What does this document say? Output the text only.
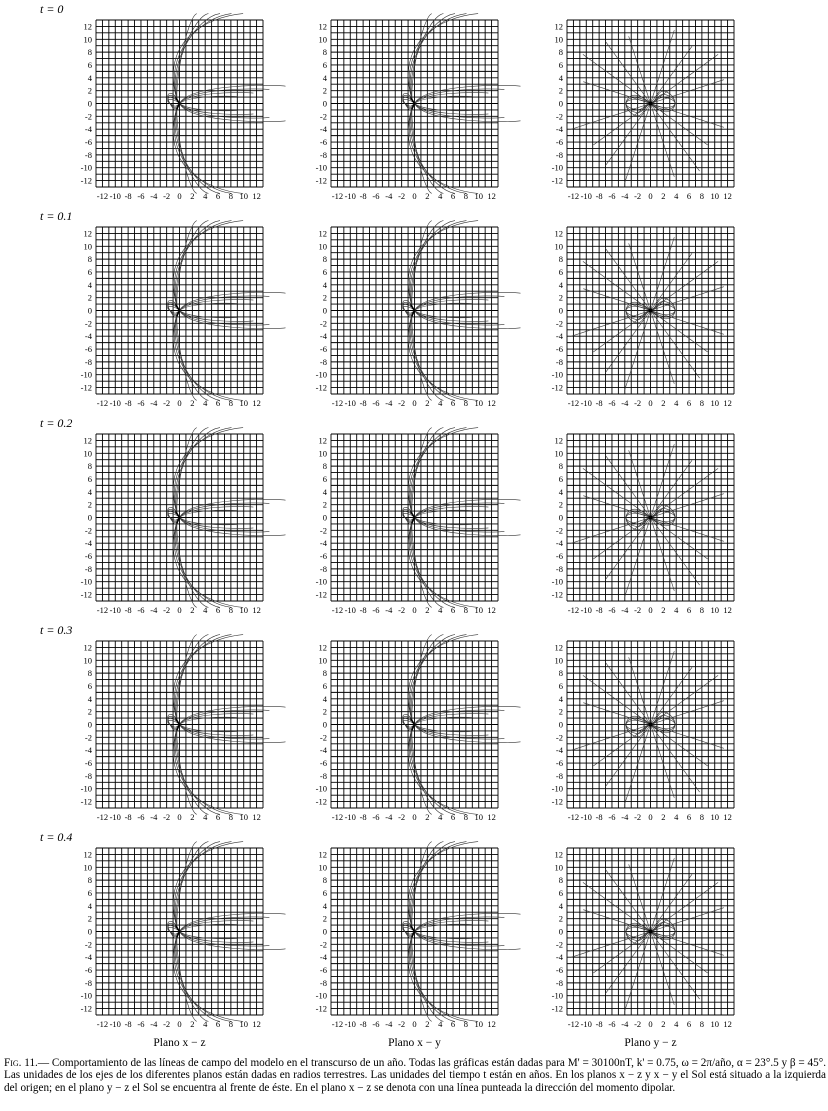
t = 0
-12
-10
-8
-6
-4
-2
0
2
4
6
8
10
12
-12 -10 -8 -6 -4 -2 0 2 4 6 8 10 12
-12
-10
-8
-6
-4
-2
0
2
4
6
8
10
12
-12 -10 -8 -6 -4 -2 0 2 4 6 8 10 12
-12
-10
-8
-6
-4
-2
0
2
4
6
8
10
12
-12 -10 -8 -6 -4 -2 0 2 4 6 8 10 12
t = 0.1
-12
-10
-8
-6
-4
-2
0
2
4
6
8
10
12
-12 -10 -8 -6 -4 -2 0 2 4 6 8 10 12
-12
-10
-8
-6
-4
-2
0
2
4
6
8
10
12
-12 -10 -8 -6 -4 -2 0 2 4 6 8 10 12
-12
-10
-8
-6
-4
-2
0
2
4
6
8
10
12
-12 -10 -8 -6 -4 -2 0 2 4 6 8 10 12
t = 0.2
-12
-10
-8
-6
-4
-2
0
2
4
6
8
10
12
-12 -10 -8 -6 -4 -2 0 2 4 6 8 10 12
-12
-10
-8
-6
-4
-2
0
2
4
6
8
10
12
-12 -10 -8 -6 -4 -2 0 2 4 6 8 10 12
-12
-10
-8
-6
-4
-2
0
2
4
6
8
10
12
-12 -10 -8 -6 -4 -2 0 2 4 6 8 10 12
t = 0.3
-12
-10
-8
-6
-4
-2
0
2
4
6
8
10
12
-12 -10 -8 -6 -4 -2 0 2 4 6 8 10 12
-12
-10
-8
-6
-4
-2
0
2
4
6
8
10
12
-12 -10 -8 -6 -4 -2 0 2 4 6 8 10 12
-12
-10
-8
-6
-4
-2
0
2
4
6
8
10
12
-12 -10 -8 -6 -4 -2 0 2 4 6 8 10 12
t = 0.4
-12
-10
-8
-6
-4
-2
0
2
4
6
8
10
12
-12 -10 -8 -6 -4 -2 0 2 4 6 8 10 12
-12
-10
-8
-6
-4
-2
0
2
4
6
8
10
12
-12 -10 -8 -6 -4 -2 0 2 4 6 8 10 12
-12
-10
-8
-6
-4
-2
0
2
4
6
8
10
12
-12 -10 -8 -6 -4 -2 0 2 4 6 8 10 12
Plano x − z	Plano x − y	Plano y − z
Fig. 11.— Comportamiento de las líneas de campo del modelo en el transcurso de un año. Todas las gráficas están dadas para M' = 30100nT, k' = 0.75, ω = 2π/año, α = 23°.5 y β = 45°. Las unidades de los ejes de los diferentes planos están dadas en radios terrestres. Las unidades del tiempo t están en años. En los planos x − z y x − y el Sol está situado a la izquierda del origen; en el plano y − z el Sol se encuentra al frente de éste. En el plano x − z se denota con una línea punteada la dirección del momento dipolar.
